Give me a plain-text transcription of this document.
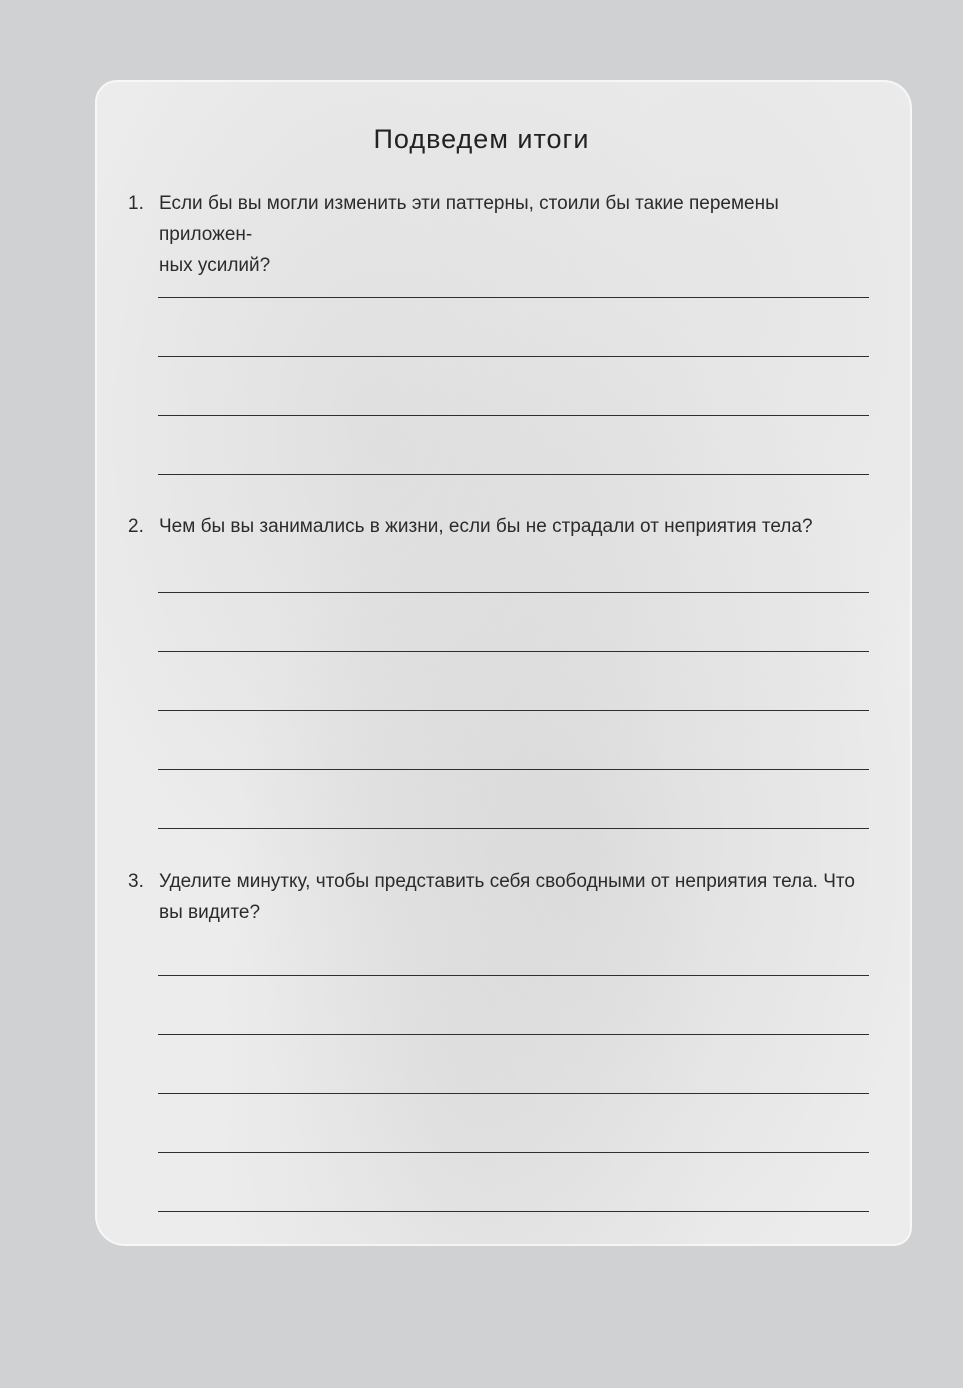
Подведем итоги
1. Если бы вы могли изменить эти паттерны, стоили бы такие перемены приложен-
ных усилий?
2. Чем бы вы занимались в жизни, если бы не страдали от неприятия тела?
3. Уделите минутку, чтобы представить себя свободными от неприятия тела. Что
вы видите?
